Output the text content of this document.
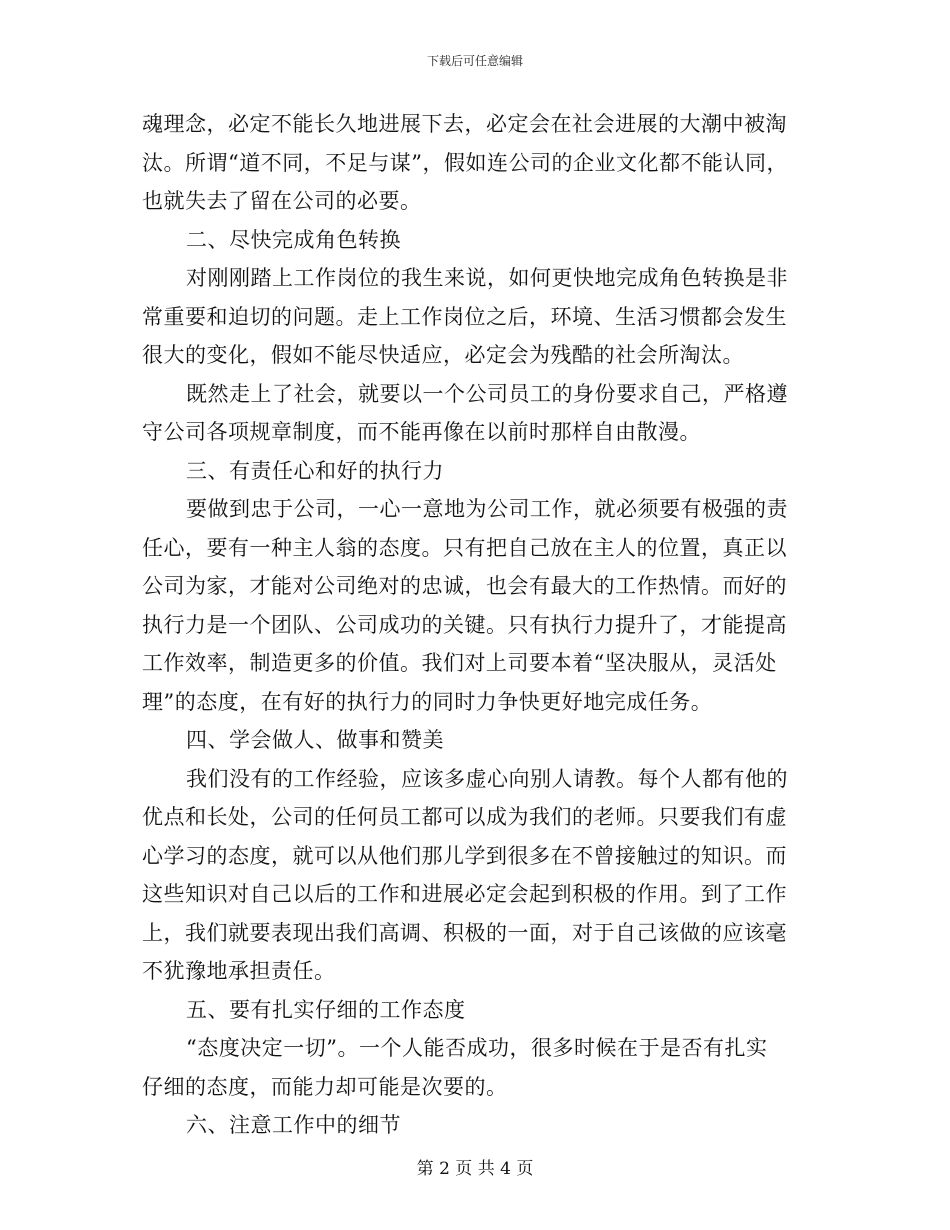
下载后可任意编辑
魂理念，必定不能长久地进展下去，必定会在社会进展的大潮中被淘
汰。所谓“道不同，不足与谋”，假如连公司的企业文化都不能认同，
也就失去了留在公司的必要。
二、尽快完成角色转换
对刚刚踏上工作岗位的我生来说，如何更快地完成角色转换是非
常重要和迫切的问题。走上工作岗位之后，环境、生活习惯都会发生
很大的变化，假如不能尽快适应，必定会为残酷的社会所淘汰。
既然走上了社会，就要以一个公司员工的身份要求自己，严格遵
守公司各项规章制度，而不能再像在以前时那样自由散漫。
三、有责任心和好的执行力
要做到忠于公司，一心一意地为公司工作，就必须要有极强的责
任心，要有一种主人翁的态度。只有把自己放在主人的位置，真正以
公司为家，才能对公司绝对的忠诚，也会有最大的工作热情。而好的
执行力是一个团队、公司成功的关键。只有执行力提升了，才能提高
工作效率，制造更多的价值。我们对上司要本着“坚决服从，灵活处
理”的态度，在有好的执行力的同时力争快更好地完成任务。
四、学会做人、做事和赞美
我们没有的工作经验，应该多虚心向别人请教。每个人都有他的
优点和长处，公司的任何员工都可以成为我们的老师。只要我们有虚
心学习的态度，就可以从他们那儿学到很多在不曾接触过的知识。而
这些知识对自己以后的工作和进展必定会起到积极的作用。到了工作
上，我们就要表现出我们高调、积极的一面，对于自己该做的应该毫
不犹豫地承担责任。
五、要有扎实仔细的工作态度
“态度决定一切”。一个人能否成功，很多时候在于是否有扎实
仔细的态度，而能力却可能是次要的。
六、注意工作中的细节
第 2 页 共 4 页
